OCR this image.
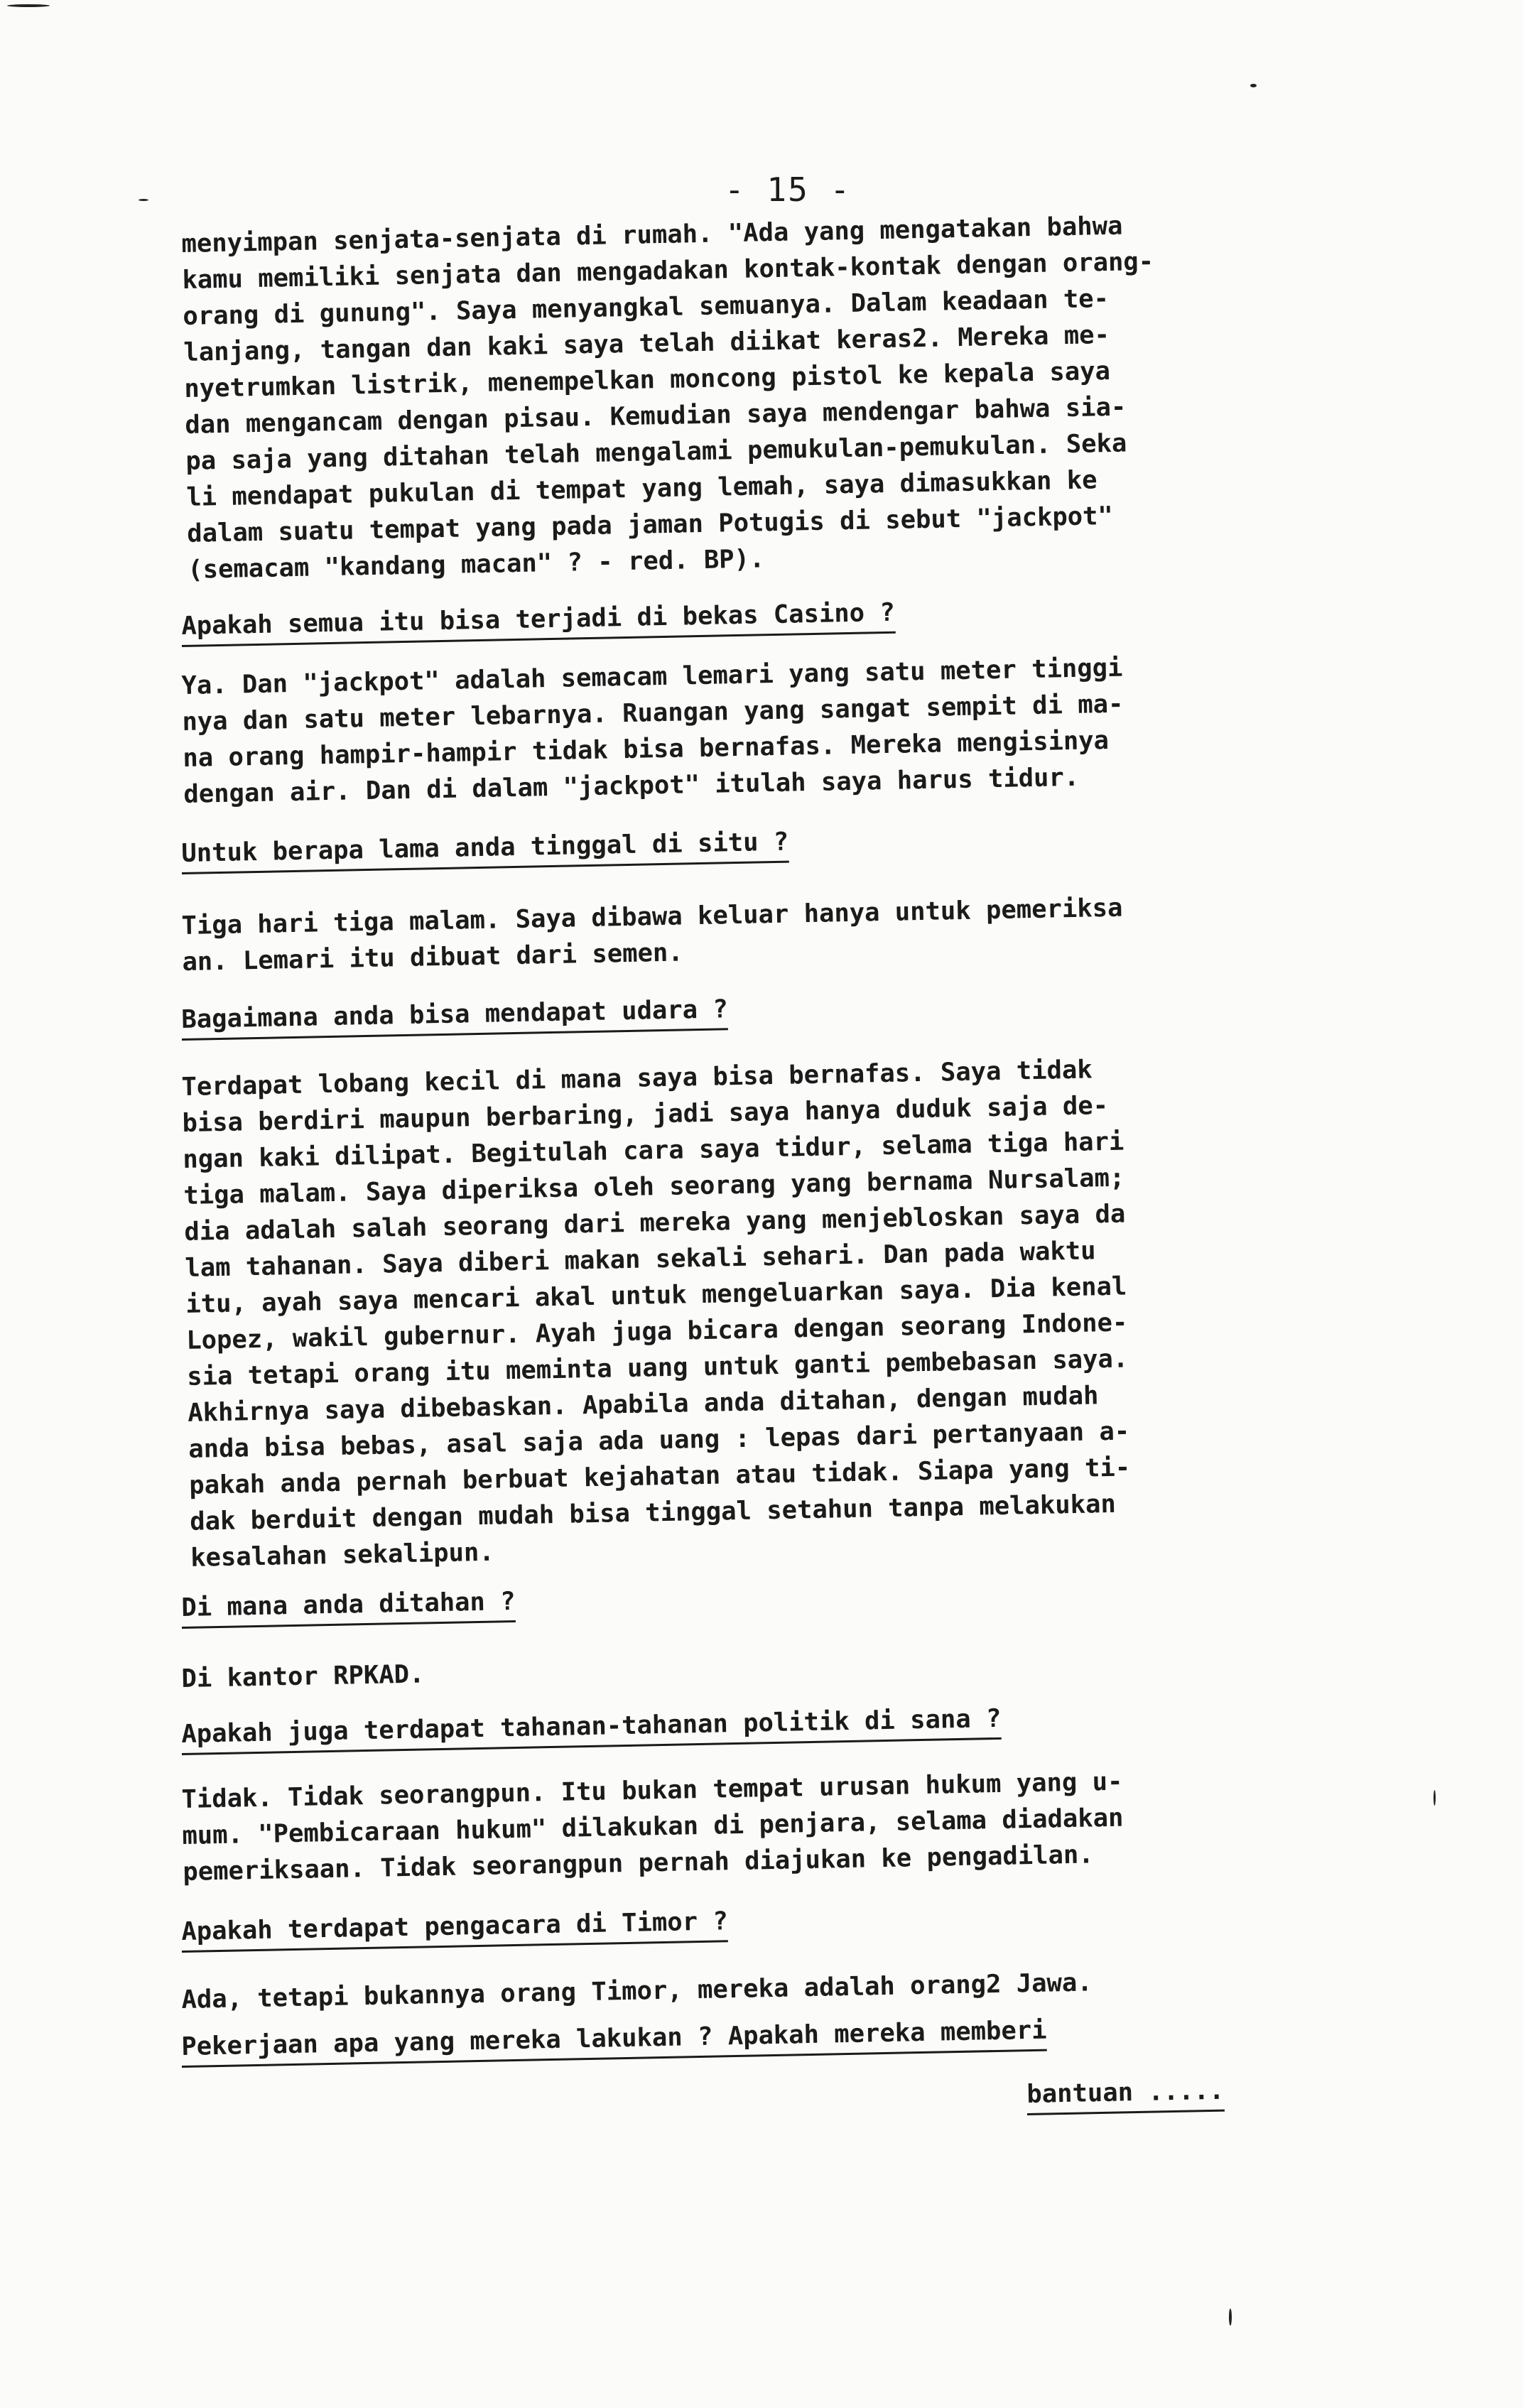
- 15 -
menyimpan senjata-senjata di rumah. "Ada yang mengatakan bahwa
kamu memiliki senjata dan mengadakan kontak-kontak dengan orang-
orang di gunung". Saya menyangkal semuanya. Dalam keadaan te-
lanjang, tangan dan kaki saya telah diikat keras2. Mereka me-
nyetrumkan listrik, menempelkan moncong pistol ke kepala saya
dan mengancam dengan pisau. Kemudian saya mendengar bahwa sia-
pa saja yang ditahan telah mengalami pemukulan-pemukulan. Seka
li mendapat pukulan di tempat yang lemah, saya dimasukkan ke
dalam suatu tempat yang pada jaman Potugis di sebut "jackpot"
(semacam "kandang macan" ? - red. BP).
Apakah semua itu bisa terjadi di bekas Casino ?
Ya. Dan "jackpot" adalah semacam lemari yang satu meter tinggi
nya dan satu meter lebarnya. Ruangan yang sangat sempit di ma-
na orang hampir-hampir tidak bisa bernafas. Mereka mengisinya
dengan air. Dan di dalam "jackpot" itulah saya harus tidur.
Untuk berapa lama anda tinggal di situ ?
Tiga hari tiga malam. Saya dibawa keluar hanya untuk pemeriksa
an. Lemari itu dibuat dari semen.
Bagaimana anda bisa mendapat udara ?
Terdapat lobang kecil di mana saya bisa bernafas. Saya tidak
bisa berdiri maupun berbaring, jadi saya hanya duduk saja de-
ngan kaki dilipat. Begitulah cara saya tidur, selama tiga hari
tiga malam. Saya diperiksa oleh seorang yang bernama Nursalam;
dia adalah salah seorang dari mereka yang menjebloskan saya da
lam tahanan. Saya diberi makan sekali sehari. Dan pada waktu
itu, ayah saya mencari akal untuk mengeluarkan saya. Dia kenal
Lopez, wakil gubernur. Ayah juga bicara dengan seorang Indone-
sia tetapi orang itu meminta uang untuk ganti pembebasan saya.
Akhirnya saya dibebaskan. Apabila anda ditahan, dengan mudah
anda bisa bebas, asal saja ada uang : lepas dari pertanyaan a-
pakah anda pernah berbuat kejahatan atau tidak. Siapa yang ti-
dak berduit dengan mudah bisa tinggal setahun tanpa melakukan
kesalahan sekalipun.
Di mana anda ditahan ?
Di kantor RPKAD.
Apakah juga terdapat tahanan-tahanan politik di sana ?
Tidak. Tidak seorangpun. Itu bukan tempat urusan hukum yang u-
mum. "Pembicaraan hukum" dilakukan di penjara, selama diadakan
pemeriksaan. Tidak seorangpun pernah diajukan ke pengadilan.
Apakah terdapat pengacara di Timor ?
Ada, tetapi bukannya orang Timor, mereka adalah orang2 Jawa.
Pekerjaan apa yang mereka lakukan ? Apakah mereka memberi
bantuan .....
